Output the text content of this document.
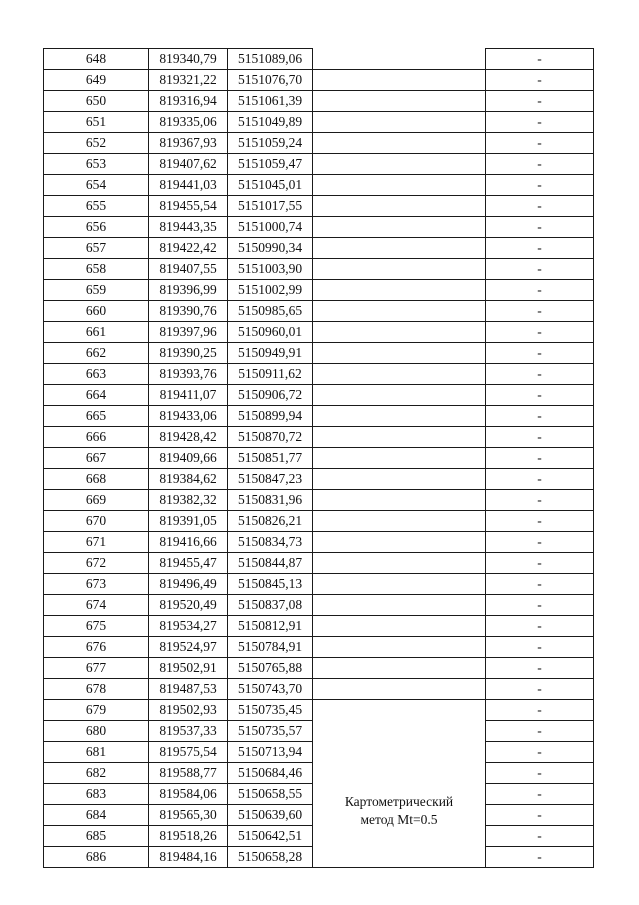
648	819340,79	5151089,06		-
649	819321,22	5151076,70		-
650	819316,94	5151061,39		-
651	819335,06	5151049,89		-
652	819367,93	5151059,24		-
653	819407,62	5151059,47		-
654	819441,03	5151045,01		-
655	819455,54	5151017,55		-
656	819443,35	5151000,74		-
657	819422,42	5150990,34		-
658	819407,55	5151003,90		-
659	819396,99	5151002,99		-
660	819390,76	5150985,65		-
661	819397,96	5150960,01		-
662	819390,25	5150949,91		-
663	819393,76	5150911,62		-
664	819411,07	5150906,72		-
665	819433,06	5150899,94		-
666	819428,42	5150870,72		-
667	819409,66	5150851,77		-
668	819384,62	5150847,23		-
669	819382,32	5150831,96		-
670	819391,05	5150826,21		-
671	819416,66	5150834,73		-
672	819455,47	5150844,87		-
673	819496,49	5150845,13		-
674	819520,49	5150837,08		-
675	819534,27	5150812,91		-
676	819524,97	5150784,91		-
677	819502,91	5150765,88		-
678	819487,53	5150743,70		-
679	819502,93	5150735,45	Картометрический
метод Mt=0.5	-
680	819537,33	5150735,57		-
681	819575,54	5150713,94		-
682	819588,77	5150684,46		-
683	819584,06	5150658,55		-
684	819565,30	5150639,60		-
685	819518,26	5150642,51		-
686	819484,16	5150658,28		-
